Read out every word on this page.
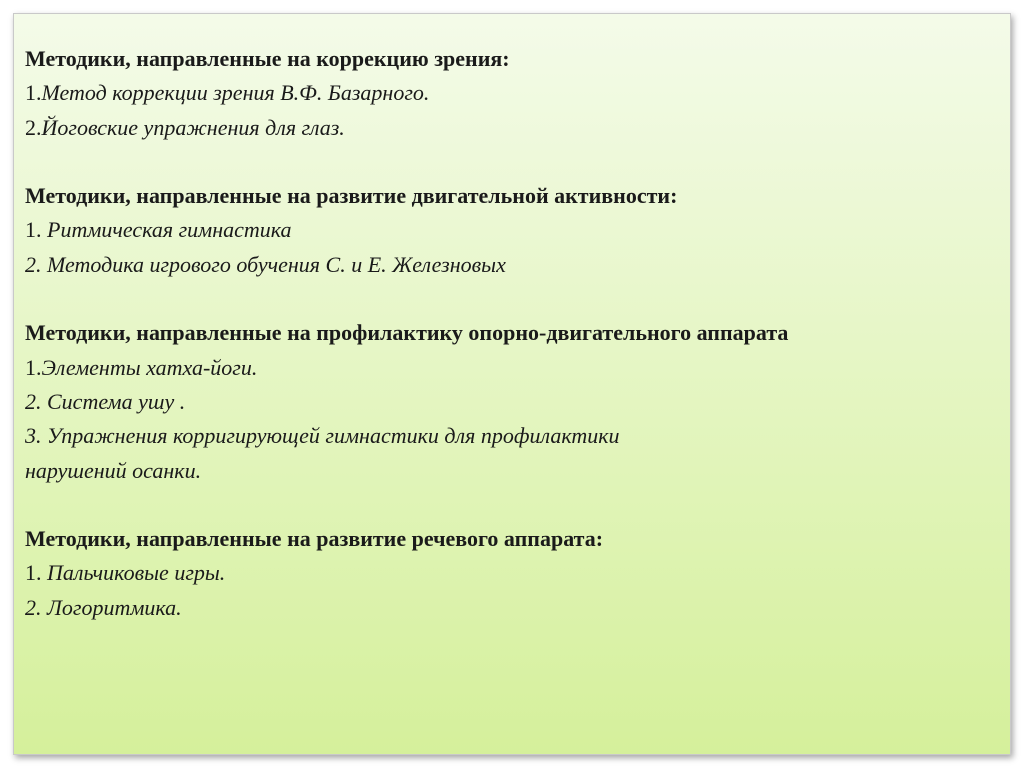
Методики, направленные на коррекцию зрения:

1.Метод коррекции зрения В.Ф. Базарного.

2.Йоговские упражнения для глаз.

Методики, направленные на развитие двигательной активности:

1. Ритмическая гимнастика

2. Методика игрового обучения С. и Е. Железновых

Методики, направленные на профилактику опорно-двигательного аппарата

1.Элементы хатха-йоги.

2. Система ушу .

3. Упражнения корригирующей гимнастики для профилактики

нарушений осанки.

Методики, направленные на развитие речевого аппарата:

1. Пальчиковые игры.

2. Логоритмика.
